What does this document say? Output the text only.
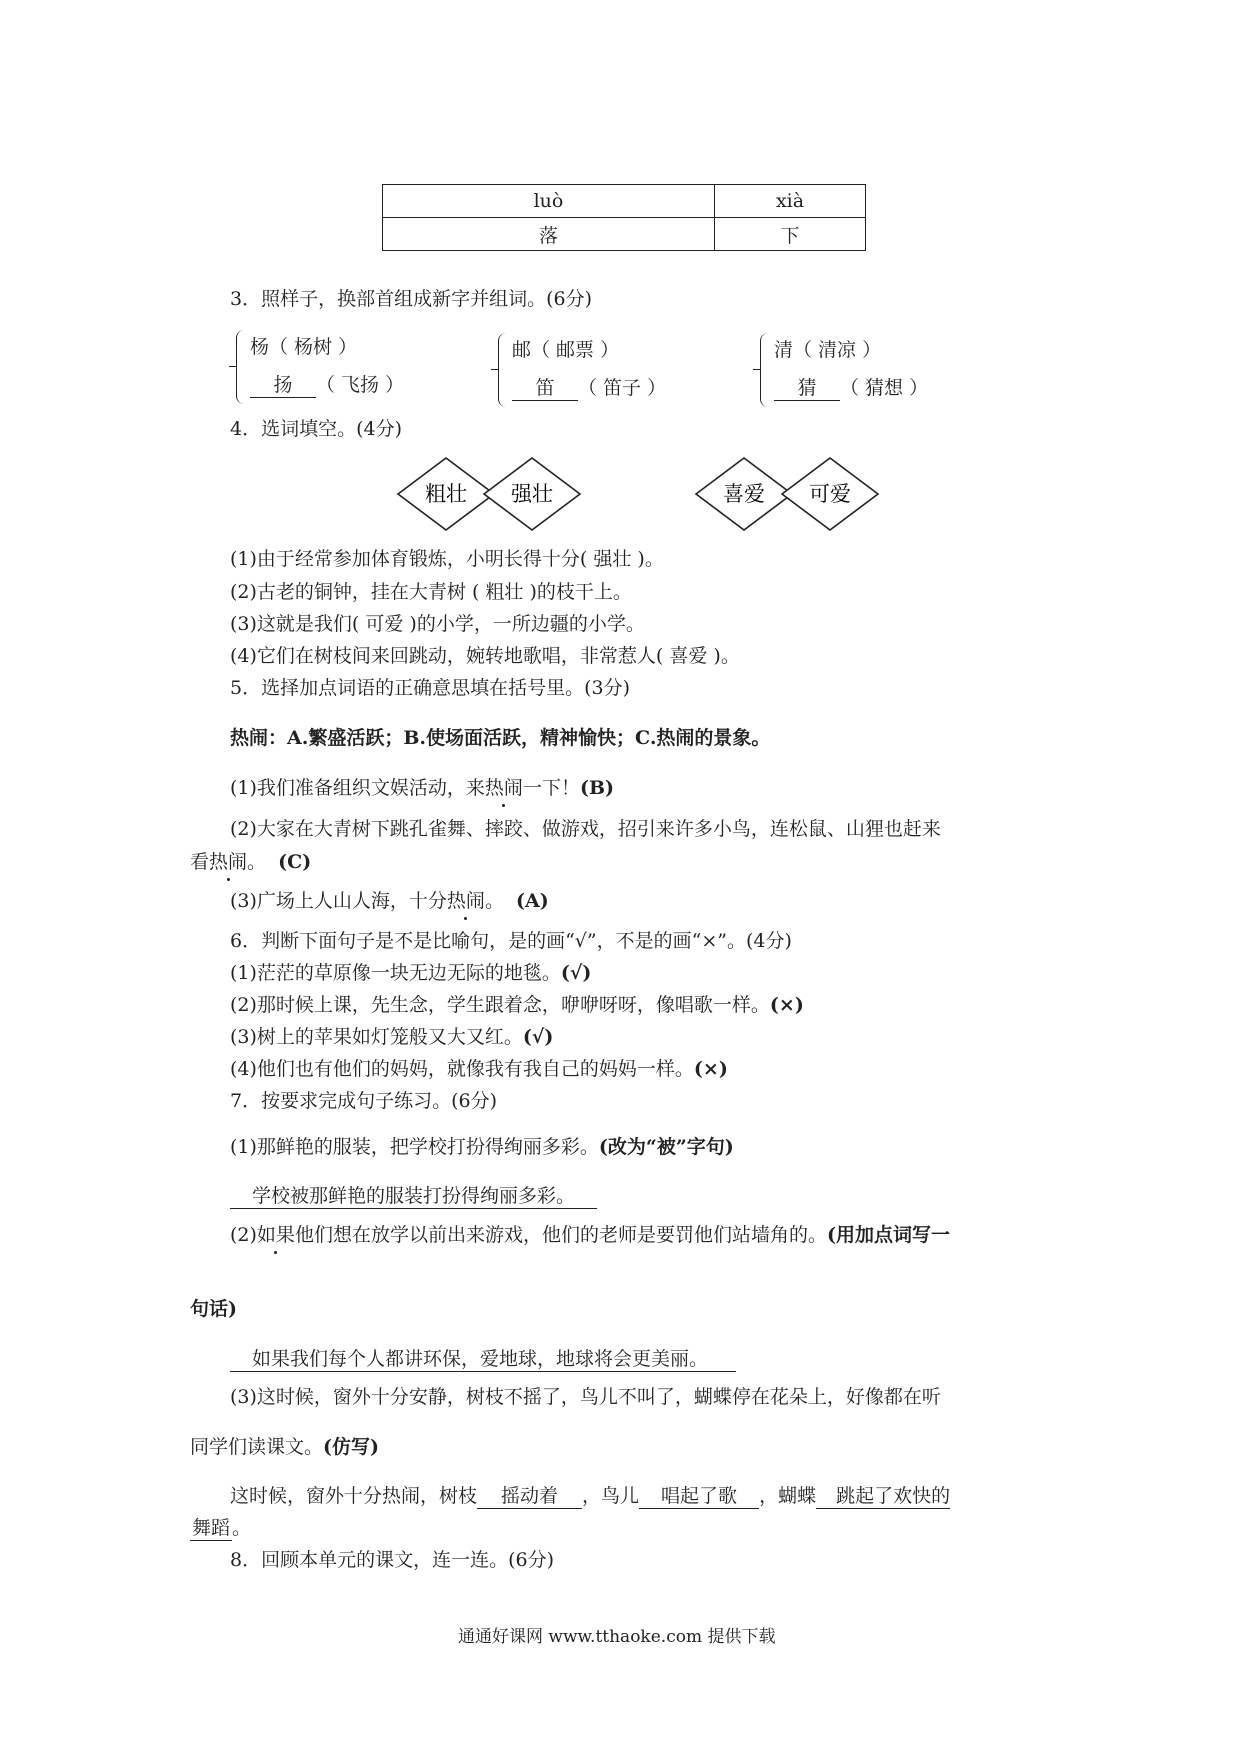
luò	xià
落	下
3．照样子，换部首组成新字并组词。(6分)
杨（ 杨树 ）
扬 （ 飞扬 ）
邮（ 邮票 ）
笛 （ 笛子 ）
清（ 清凉 ）
猜 （ 猜想 ）
4．选词填空。(4分)
粗壮 强壮	喜爱 可爱
(1)由于经常参加体育锻炼，小明长得十分( 强壮 )。
(2)古老的铜钟，挂在大青树 ( 粗壮 )的枝干上。
(3)这就是我们( 可爱 )的小学，一所边疆的小学。
(4)它们在树枝间来回跳动，婉转地歌唱，非常惹人( 喜爱 )。
5．选择加点词语的正确意思填在括号里。(3分)
热闹：A.繁盛活跃；B.使场面活跃，精神愉快；C.热闹的景象。
(1)我们准备组织文娱活动，来热闹一下！(B)
(2)大家在大青树下跳孔雀舞、摔跤、做游戏，招引来许多小鸟，连松鼠、山狸也赶来
看热闹。 (C)
(3)广场上人山人海，十分热闹。 (A)
6．判断下面句子是不是比喻句，是的画“√”，不是的画“×”。(4分)
(1)茫茫的草原像一块无边无际的地毯。(√)
(2)那时候上课，先生念，学生跟着念，咿咿呀呀，像唱歌一样。(×)
(3)树上的苹果如灯笼般又大又红。(√)
(4)他们也有他们的妈妈，就像我有我自己的妈妈一样。(×)
7．按要求完成句子练习。(6分)
(1)那鲜艳的服装，把学校打扮得绚丽多彩。(改为“被”字句)
学校被那鲜艳的服装打扮得绚丽多彩。
(2)如果他们想在放学以前出来游戏，他们的老师是要罚他们站墙角的。(用加点词写一
句话)
如果我们每个人都讲环保，爱地球，地球将会更美丽。
(3)这时候，窗外十分安静，树枝不摇了，鸟儿不叫了，蝴蝶停在花朵上，好像都在听
同学们读课文。(仿写)
这时候，窗外十分热闹，树枝 摇动着 ，鸟儿 唱起了歌 ，蝴蝶 跳起了欢快的
舞蹈 。
8．回顾本单元的课文，连一连。(6分)
通通好课网 www.tthaoke.com 提供下载
